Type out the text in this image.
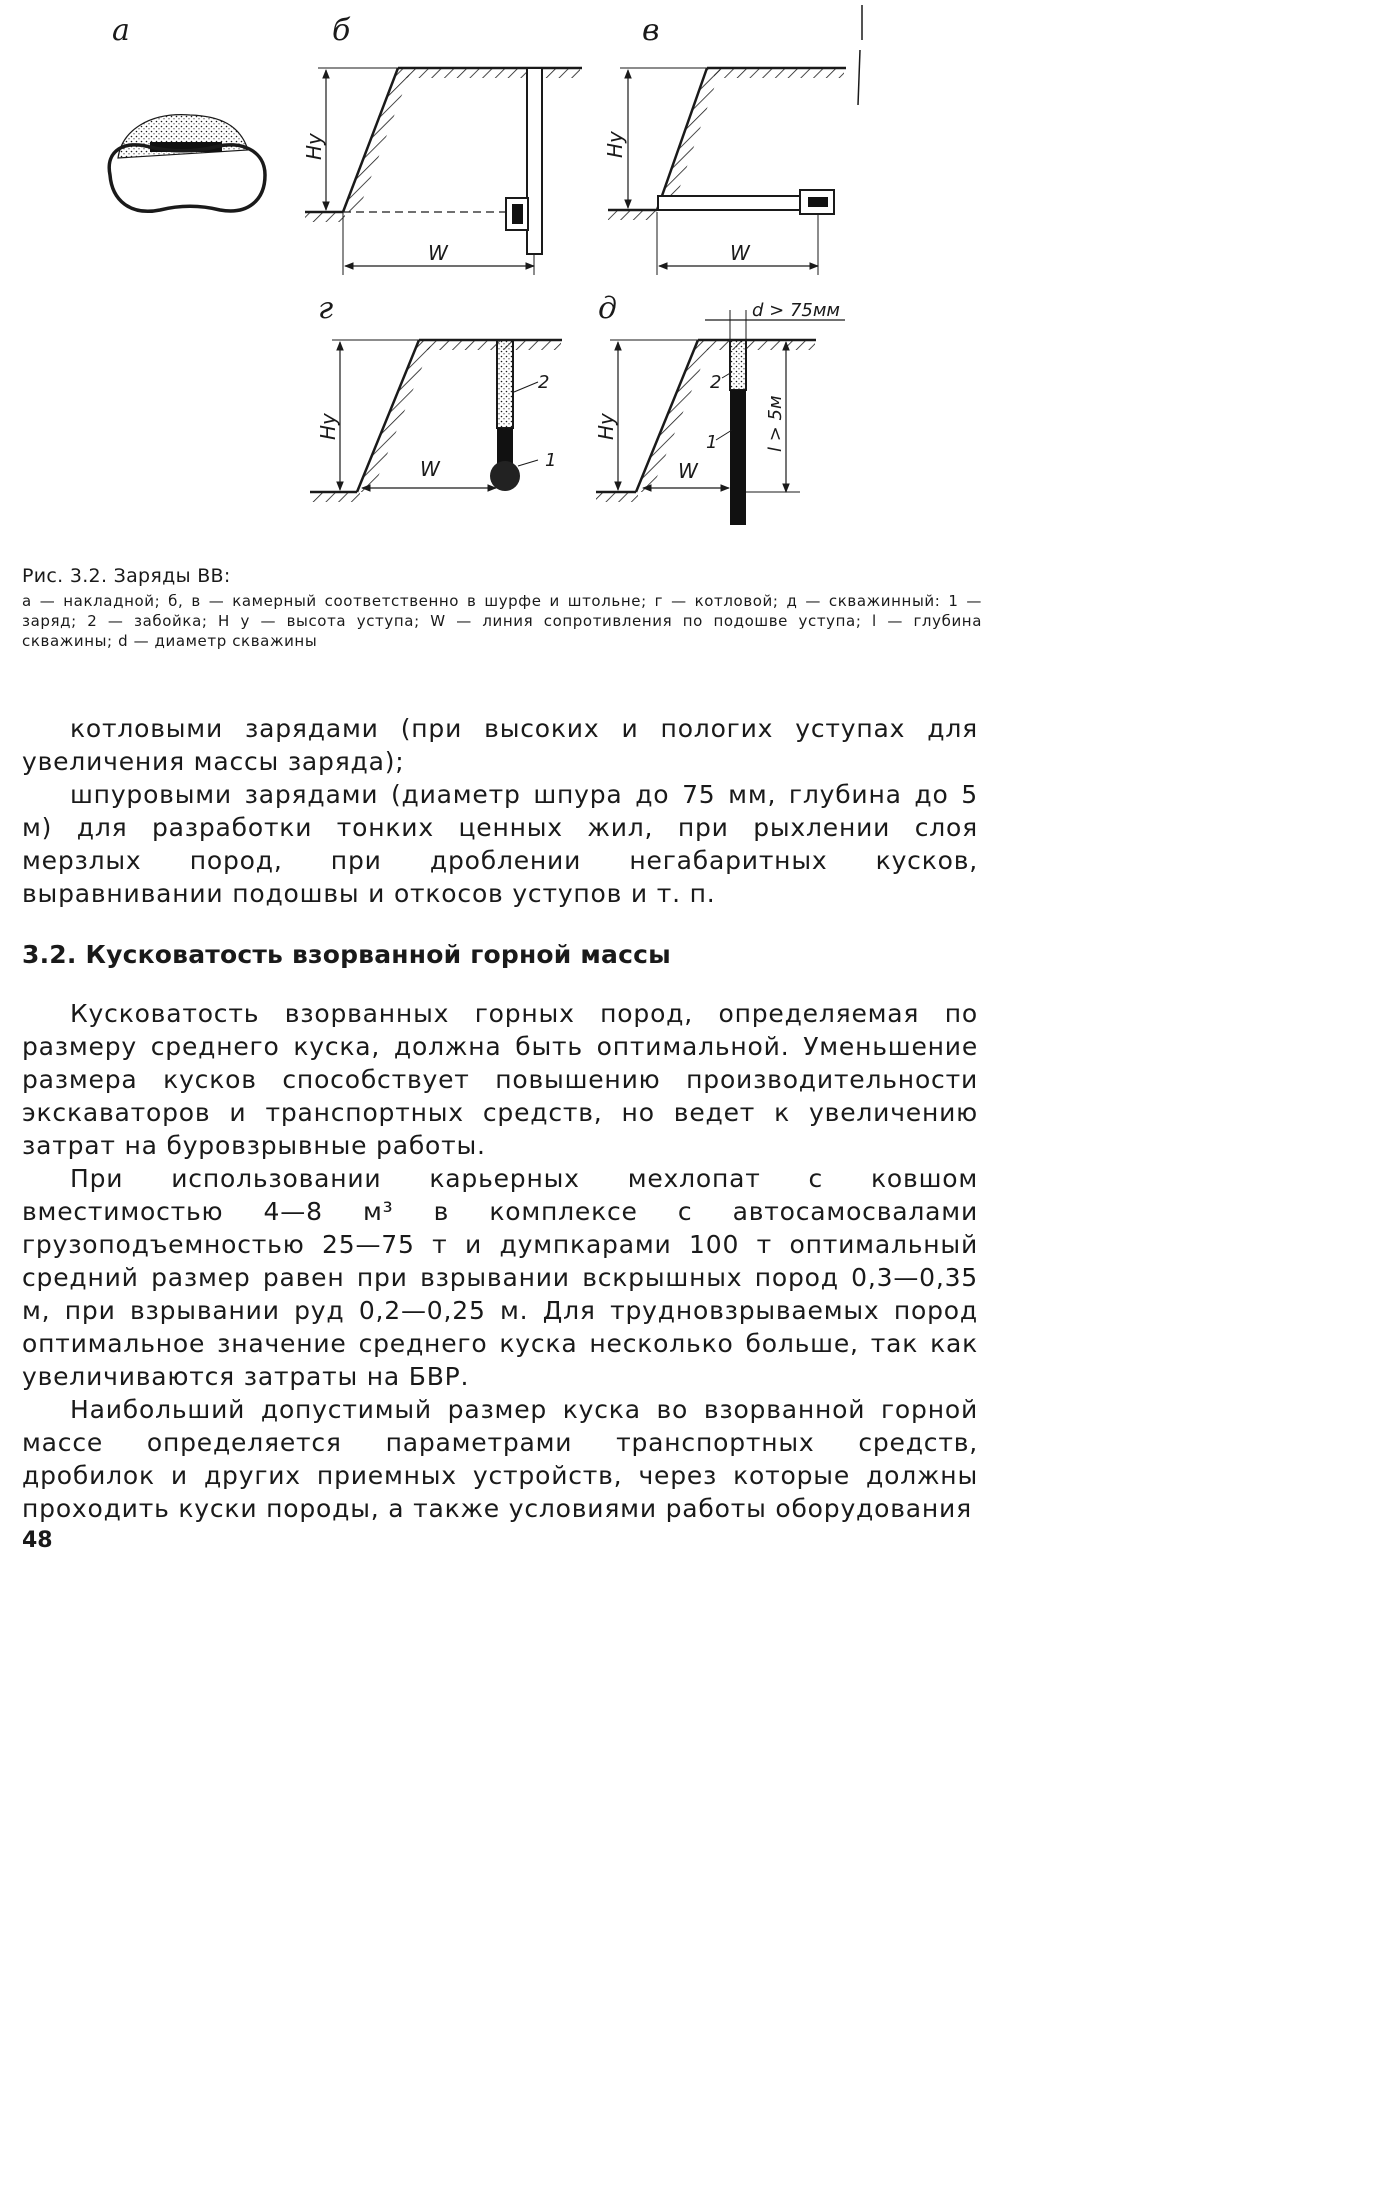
а	б
Hу
W
в
Hу
W
г
2
1
Hу
W
д
2
1
d > 75мм
l > 5м
Hу
W

Рис. 3.2. Заряды ВВ:

а — накладной; б, в — камерный соответственно в шурфе и штольне; г — котловой; д — скважинный: 1 — заряд; 2 — забойка; H у — высота уступа; W — линия сопротивления по подошве уступа; l — глубина скважины; d — диаметр скважины

котловыми зарядами (при высоких и пологих уступах для увеличения массы заряда);

шпуровыми зарядами (диаметр шпура до 75 мм, глубина до 5 м) для разработки тонких ценных жил, при рыхлении слоя мерзлых пород, при дроблении негабаритных кусков, выравнивании подошвы и откосов уступов и т. п.

3.2. Кусковатость взорванной горной массы

Кусковатость взорванных горных пород, определяемая по размеру среднего куска, должна быть оптимальной. Уменьшение размера кусков способствует повышению производительности экскаваторов и транспортных средств, но ведет к увеличению затрат на буровзрывные работы.

При использовании карьерных мехлопат с ковшом вместимостью 4—8 м³ в комплексе с автосамосвалами грузоподъемностью 25—75 т и думпкарами 100 т оптимальный средний размер равен при взрывании вскрышных пород 0,3—0,35 м, при взрывании руд 0,2—0,25 м. Для трудновзрываемых пород оптимальное значение среднего куска несколько больше, так как увеличиваются затраты на БВР.

Наибольший допустимый размер куска во взорванной горной массе определяется параметрами транспортных средств, дробилок и других приемных устройств, через которые должны проходить куски породы, а также условиями работы оборудования

48
